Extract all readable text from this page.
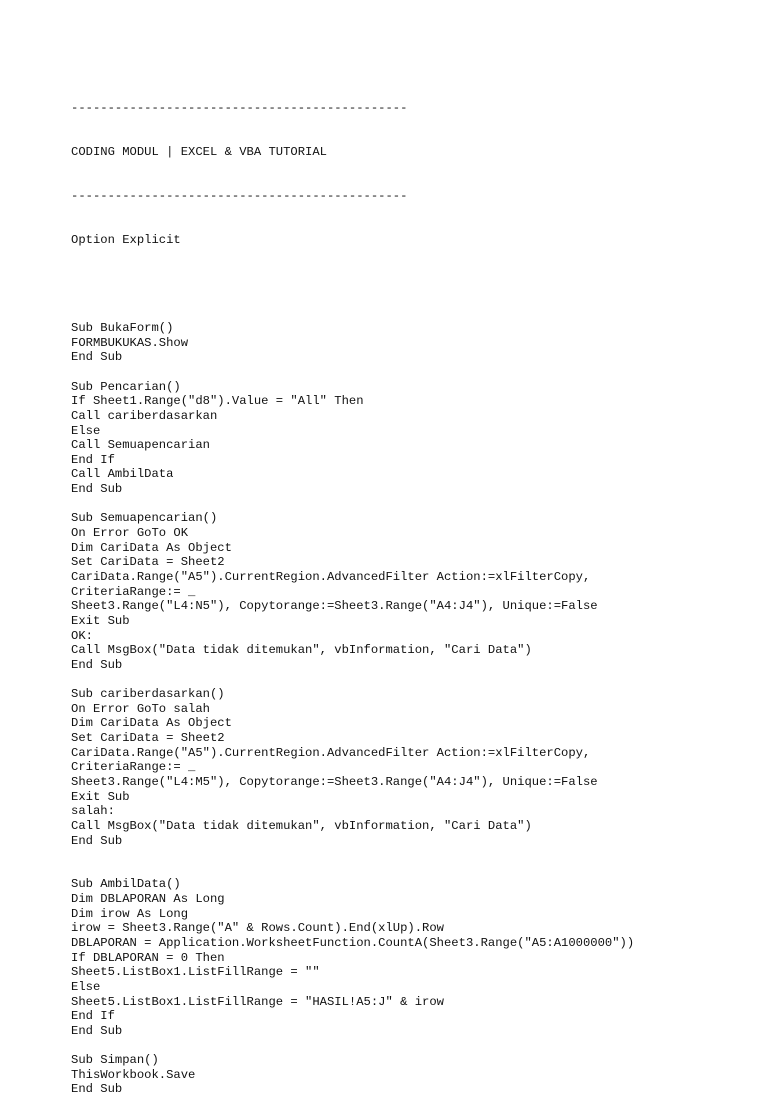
----------------------------------------------

CODING MODUL | EXCEL & VBA TUTORIAL

----------------------------------------------

Option Explicit

Sub BukaForm()
FORMBUKUKAS.Show
End Sub
Sub Pencarian()
If Sheet1.Range("d8").Value = "All" Then
Call cariberdasarkan
Else
Call Semuapencarian
End If
Call AmbilData
End Sub
Sub Semuapencarian()
On Error GoTo OK
Dim CariData As Object
Set CariData = Sheet2
CariData.Range("A5").CurrentRegion.AdvancedFilter Action:=xlFilterCopy,
CriteriaRange:= _
Sheet3.Range("L4:N5"), Copytorange:=Sheet3.Range("A4:J4"), Unique:=False
Exit Sub
OK:
Call MsgBox("Data tidak ditemukan", vbInformation, "Cari Data")
End Sub
Sub cariberdasarkan()
On Error GoTo salah
Dim CariData As Object
Set CariData = Sheet2
CariData.Range("A5").CurrentRegion.AdvancedFilter Action:=xlFilterCopy,
CriteriaRange:= _
Sheet3.Range("L4:M5"), Copytorange:=Sheet3.Range("A4:J4"), Unique:=False
Exit Sub
salah:
Call MsgBox("Data tidak ditemukan", vbInformation, "Cari Data")
End Sub
Sub AmbilData()
Dim DBLAPORAN As Long
Dim irow As Long
irow = Sheet3.Range("A" & Rows.Count).End(xlUp).Row
DBLAPORAN = Application.WorksheetFunction.CountA(Sheet3.Range("A5:A1000000"))
If DBLAPORAN = 0 Then
Sheet5.ListBox1.ListFillRange = ""
Else
Sheet5.ListBox1.ListFillRange = "HASIL!A5:J" & irow
End If
End Sub
Sub Simpan()
ThisWorkbook.Save
End Sub
